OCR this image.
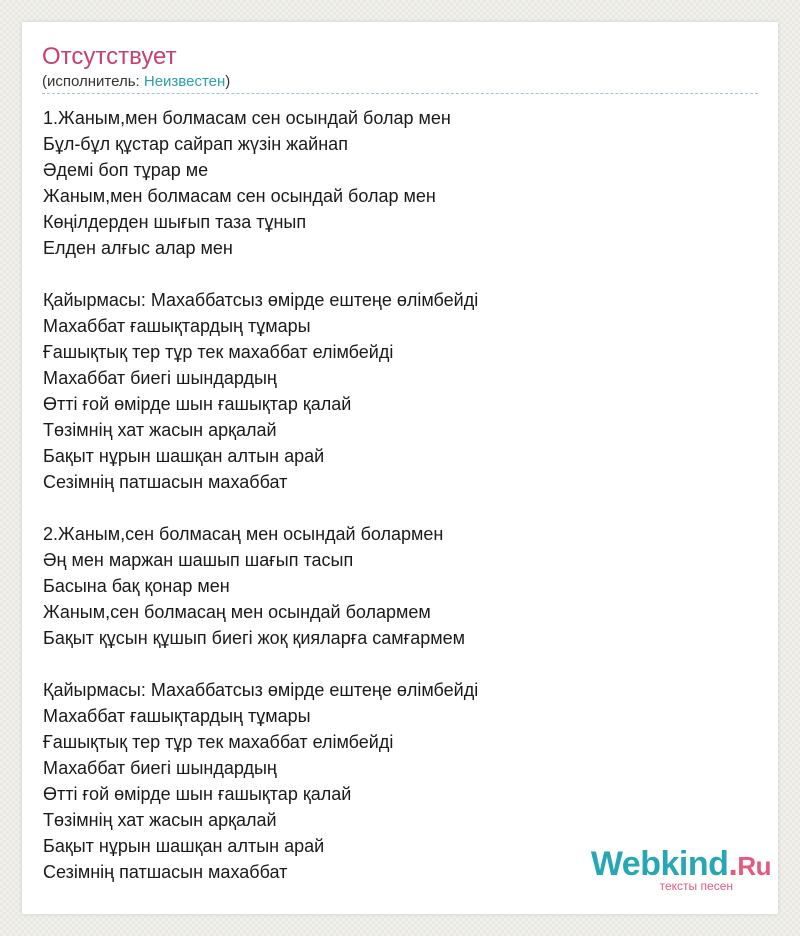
Отсутствует
(исполнитель: Неизвестен)
1.Жаным,мен болмасам сен осындай болар мен
Бұл-бұл құстар сайрап жүзін жайнап
Әдемі боп тұрар ме
Жаным,мен болмасам сен осындай болар мен
Көңілдерден шығып таза тұнып
Елден алғыс алар мен
Қайырмасы: Махаббатсыз өмірде ештеңе өлімбейді
Махаббат ғашықтардың тұмары
Ғашықтық тер тұр тек махаббат елімбейді
Махаббат биегі шындардың
Өтті ғой өмірде шын ғашықтар қалай
Төзімнің хат жасын арқалай
Бақыт нұрын шашқан алтын арай
Сезімнің патшасын махаббат
2.Жаным,сен болмасаң мен осындай болармен
Әң мен маржан шашып шағып тасып
Басына бақ қонар мен
Жаным,сен болмасаң мен осындай болармем
Бақыт құсын құшып биегі жоқ қияларға самғармем
Қайырмасы: Махаббатсыз өмірде ештеңе өлімбейді
Махаббат ғашықтардың тұмары
Ғашықтық тер тұр тек махаббат елімбейді
Махаббат биегі шындардың
Өтті ғой өмірде шын ғашықтар қалай
Төзімнің хат жасын арқалай
Бақыт нұрын шашқан алтын арай
Сезімнің патшасын махаббат	Webkind.Ru
тексты песен
